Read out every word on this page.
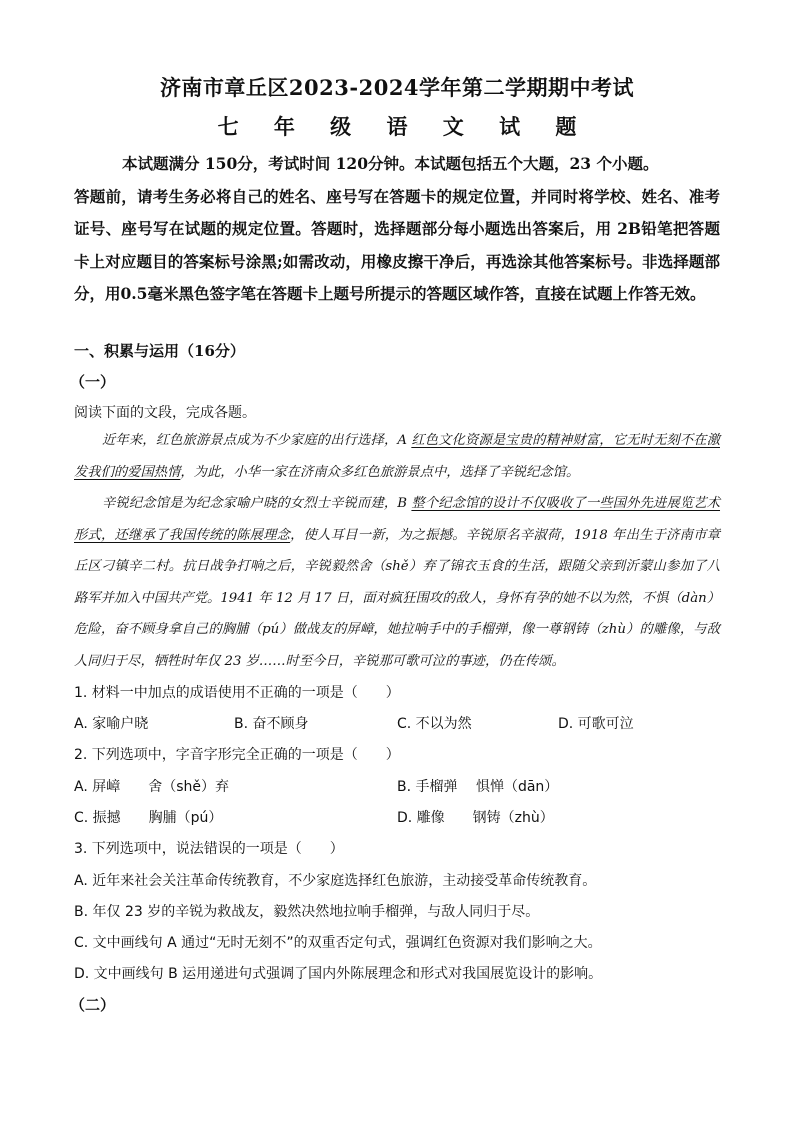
济南市章丘区2023-2024学年第二学期期中考试
七 年 级 语 文 试 题

本试题满分 150分，考试时间 120分钟。本试题包括五个大题，23 个小题。
答题前，请考生务必将自己的姓名、座号写在答题卡的规定位置，并同时将学校、姓名、准考证号、座号写在试题的规定位置。答题时，选择题部分每小题选出答案后，用 2B铅笔把答题卡上对应题目的答案标号涂黑;如需改动，用橡皮擦干净后，再选涂其他答案标号。非选择题部分，用0.5毫米黑色签字笔在答题卡上题号所提示的答题区域作答，直接在试题上作答无效。

一、积累与运用（16分）

（一）

阅读下面的文段，完成各题。

近年来，红色旅游景点成为不少家庭的出行选择，A 红色文化资源是宝贵的精神财富，它无时无刻不在激发我们的爱国热情，为此，小华一家在济南众多红色旅游景点中，选择了辛锐纪念馆。

辛锐纪念馆是为纪念家喻户晓的女烈士辛锐而建，B 整个纪念馆的设计不仅吸收了一些国外先进展览艺术形式，还继承了我国传统的陈展理念，使人耳目一新，为之振撼。辛锐原名辛淑荷，1918 年出生于济南市章丘区刁镇辛二村。抗日战争打响之后，辛锐毅然舍（shě）弃了锦衣玉食的生活，跟随父亲到沂蒙山参加了八路军并加入中国共产党。1941 年 12 月 17 日，面对疯狂围攻的敌人，身怀有孕的她不以为然，不惧（dàn）危险，奋不顾身拿自己的胸脯（pú）做战友的屏嶂，她拉响手中的手榴弹，像一尊钢铸（zhù）的雕像，与敌人同归于尽，牺牲时年仅 23 岁……时至今日，辛锐那可歌可泣的事迹，仍在传颂。

1. 材料一中加点的成语使用不正确的一项是（　　）

A. 家喻户晓	B. 奋不顾身	C. 不以为然	D. 可歌可泣

2. 下列选项中，字音字形完全正确的一项是（　　）

A. 屏嶂　　舍（shě）弃	B. 手榴弹　 惧惮（dān）

C. 振撼　　胸脯（pú）	D. 雕像　　钢铸（zhù）

3. 下列选项中，说法错误的一项是（　　）

A. 近年来社会关注革命传统教育，不少家庭选择红色旅游，主动接受革命传统教育。

B. 年仅 23 岁的辛锐为救战友，毅然决然地拉响手榴弹，与敌人同归于尽。

C. 文中画线句 A 通过“无时无刻不”的双重否定句式，强调红色资源对我们影响之大。

D. 文中画线句 B 运用递进句式强调了国内外陈展理念和形式对我国展览设计的影响。

（二）
